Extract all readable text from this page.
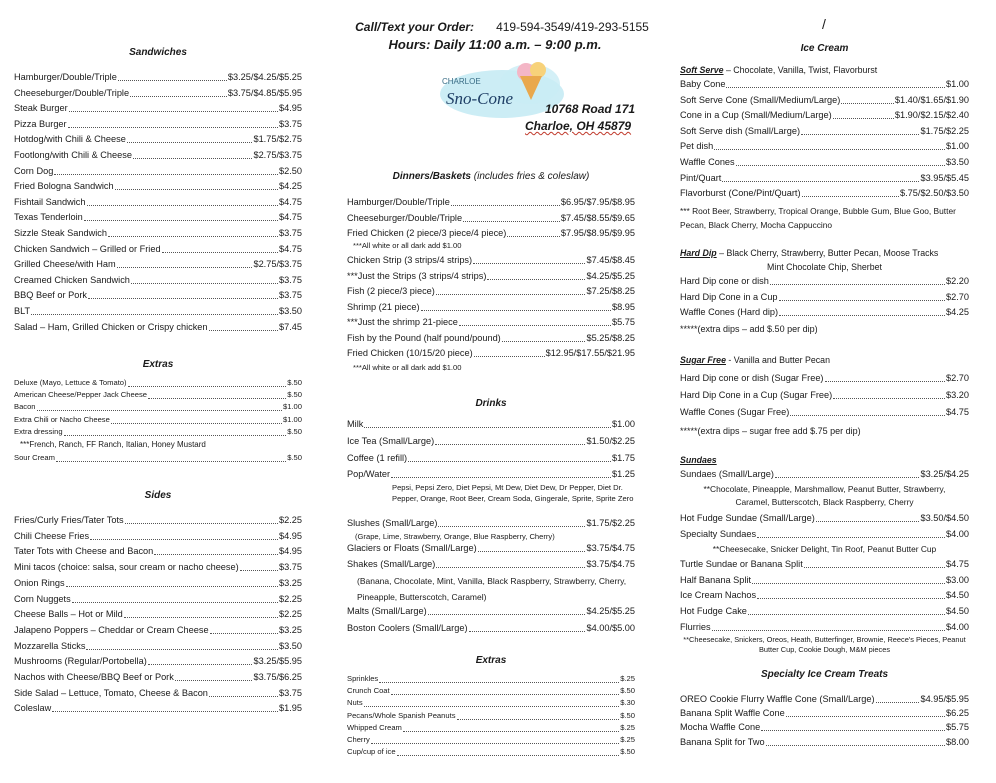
Call/Text your Order: 419-594-3549/419-293-5155
Hours: Daily 11:00 a.m. – 9:00 p.m.
/
CHARLOE
Sno-Cone
10768 Road 171
Charloe, OH 45879
Sandwiches
Hamburger/Double/Triple	$3.25/$4.25/$5.25
Cheeseburger/Double/Triple	$3.75/$4.85/$5.95
Steak Burger	$4.95
Pizza Burger	$3.75
Hotdog/with Chili & Cheese	$1.75/$2.75
Footlong/with Chili & Cheese	$2.75/$3.75
Corn Dog	$2.50
Fried Bologna Sandwich	$4.25
Fishtail Sandwich	$4.75
Texas Tenderloin	$4.75
Sizzle Steak Sandwich	$3.75
Chicken Sandwich – Grilled or Fried	$4.75
Grilled Cheese/with Ham	$2.75/$3.75
Creamed Chicken Sandwich	$3.75
BBQ Beef or Pork	$3.75
BLT	$3.50
Salad – Ham, Grilled Chicken or Crispy chicken	$7.45
Extras
Deluxe (Mayo, Lettuce & Tomato)	$.50
American Cheese/Pepper Jack Cheese	$.50
Bacon	$1.00
Extra Chili or Nacho Cheese	$1.00
Extra dressing	$.50
***French, Ranch, FF Ranch, Italian, Honey Mustard
Sour Cream	$.50
Sides
Fries/Curly Fries/Tater Tots	$2.25
Chili Cheese Fries	$4.95
Tater Tots with Cheese and Bacon	$4.95
Mini tacos (choice: salsa, sour cream or nacho cheese)	$3.75
Onion Rings	$3.25
Corn Nuggets	$2.25
Cheese Balls – Hot or Mild	$2.25
Jalapeno Poppers – Cheddar or Cream Cheese	$3.25
Mozzarella Sticks	$3.50
Mushrooms (Regular/Portobella)	$3.25/$5.95
Nachos with Cheese/BBQ Beef or Pork	$3.75/$6.25
Side Salad – Lettuce, Tomato, Cheese & Bacon	$3.75
Coleslaw	$1.95
Dinners/Baskets (includes fries & coleslaw)
Hamburger/Double/Triple	$6.95/$7.95/$8.95
Cheeseburger/Double/Triple	$7.45/$8.55/$9.65
Fried Chicken (2 piece/3 piece/4 piece)	$7.95/$8.95/$9.95
***All white or all dark add $1.00
Chicken Strip (3 strips/4 strips)	$7.45/$8.45
***Just the Strips (3 strips/4 strips)	$4.25/$5.25
Fish (2 piece/3 piece)	$7.25/$8.25
Shrimp (21 piece)	$8.95
***Just the shrimp 21-piece	$5.75
Fish by the Pound (half pound/pound)	$5.25/$8.25
Fried Chicken (10/15/20 piece)	$12.95/$17.55/$21.95
***All white or all dark add $1.00
Drinks
Milk	$1.00
Ice Tea (Small/Large)	$1.50/$2.25
Coffee (1 refill)	$1.75
Pop/Water	$1.25
Pepsi, Pepsi Zero, Diet Pepsi, Mt Dew, Diet Dew, Dr Pepper, Diet Dr. Pepper, Orange, Root Beer, Cream Soda, Gingerale, Sprite, Sprite Zero
Slushes (Small/Large)	$1.75/$2.25
(Grape, Lime, Strawberry, Orange, Blue Raspberry, Cherry)
Glaciers or Floats (Small/Large)	$3.75/$4.75
Shakes (Small/Large)	$3.75/$4.75
(Banana, Chocolate, Mint, Vanilla, Black Raspberry, Strawberry, Cherry, Pineapple, Butterscotch, Caramel)
Malts (Small/Large)	$4.25/$5.25
Boston Coolers (Small/Large)	$4.00/$5.00
Extras
Sprinkles	$.25
Crunch Coat	$.50
Nuts	$.30
Pecans/Whole Spanish Peanuts	$.50
Whipped Cream	$.25
Cherry	$.25
Cup/cup of ice	$.50
Ice Cream
Soft Serve – Chocolate, Vanilla, Twist, Flavorburst
Baby Cone	$1.00
Soft Serve Cone (Small/Medium/Large)	$1.40/$1.65/$1.90
Cone in a Cup (Small/Medium/Large)	$1.90/$2.15/$2.40
Soft Serve dish (Small/Large)	$1.75/$2.25
Pet dish	$1.00
Waffle Cones	$3.50
Pint/Quart	$3.95/$5.45
Flavorburst (Cone/Pint/Quart)	$.75/$2.50/$3.50
*** Root Beer, Strawberry, Tropical Orange, Bubble Gum, Blue Goo, Butter Pecan, Black Cherry, Mocha Cappuccino
Hard Dip – Black Cherry, Strawberry, Butter Pecan, Moose Tracks
Mint Chocolate Chip, Sherbet
Hard Dip cone or dish	$2.20
Hard Dip Cone in a Cup	$2.70
Waffle Cones (Hard dip)	$4.25
*****(extra dips – add $.50 per dip)
Sugar Free - Vanilla and Butter Pecan
Hard Dip cone or dish (Sugar Free)	$2.70
Hard Dip Cone in a Cup (Sugar Free)	$3.20
Waffle Cones (Sugar Free)	$4.75
*****(extra dips – sugar free add $.75 per dip)
Sundaes
Sundaes (Small/Large)	$3.25/$4.25
**Chocolate, Pineapple, Marshmallow, Peanut Butter, Strawberry, Caramel, Butterscotch, Black Raspberry, Cherry
Hot Fudge Sundae (Small/Large)	$3.50/$4.50
Specialty Sundaes	$4.00
**Cheesecake, Snicker Delight, Tin Roof, Peanut Butter Cup
Turtle Sundae or Banana Split	$4.75
Half Banana Split	$3.00
Ice Cream Nachos	$4.50
Hot Fudge Cake	$4.50
Flurries	$4.00
**Cheesecake, Snickers, Oreos, Heath, Butterfinger, Brownie, Reece's Pieces, Peanut Butter Cup, Cookie Dough, M&M pieces
Specialty Ice Cream Treats
OREO Cookie Flurry Waffle Cone (Small/Large)	$4.95/$5.95
Banana Split Waffle Cone	$6.25
Mocha Waffle Cone	$5.75
Banana Split for Two	$8.00
